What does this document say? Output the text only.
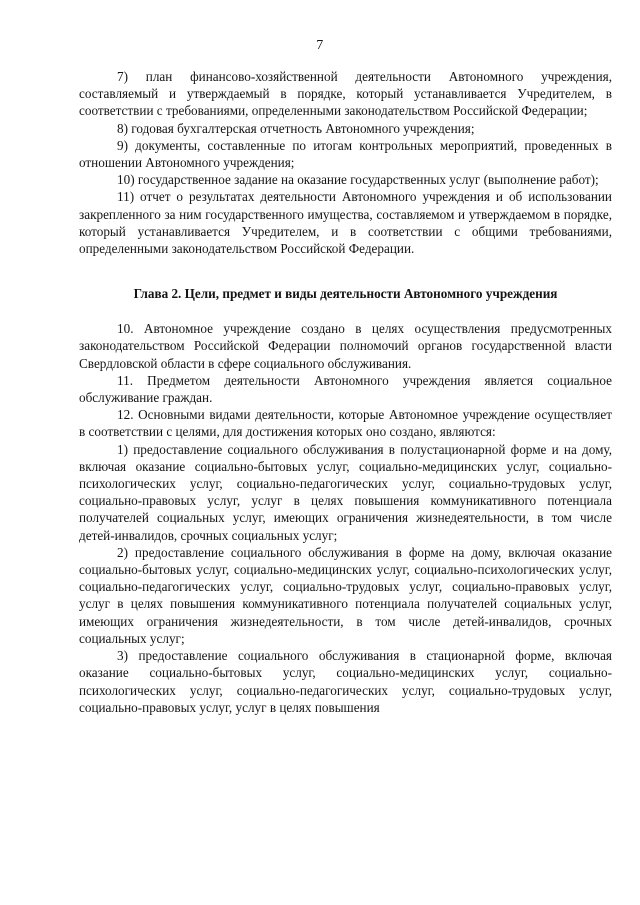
7

7) план финансово-хозяйственной деятельности Автономного учреждения, составляемый и утверждаемый в порядке, который устанавливается Учредителем, в соответствии с требованиями, определенными законодательством Российской Федерации;

8) годовая бухгалтерская отчетность Автономного учреждения;

9) документы, составленные по итогам контрольных мероприятий, проведенных в отношении Автономного учреждения;

10) государственное задание на оказание государственных услуг (выполнение работ);

11) отчет о результатах деятельности Автономного учреждения и об использовании закрепленного за ним государственного имущества, составляемом и утверждаемом в порядке, который устанавливается Учредителем, и в соответствии с общими требованиями, определенными законодательством Российской Федерации.

Глава 2. Цели, предмет и виды деятельности Автономного учреждения

10. Автономное учреждение создано в целях осуществления предусмотренных законодательством Российской Федерации полномочий органов государственной власти Свердловской области в сфере социального обслуживания.

11. Предметом деятельности Автономного учреждения является социальное обслуживание граждан.

12. Основными видами деятельности, которые Автономное учреждение осуществляет в соответствии с целями, для достижения которых оно создано, являются:

1) предоставление социального обслуживания в полустационарной форме и на дому, включая оказание социально-бытовых услуг, социально-медицинских услуг, социально-психологических услуг, социально-педагогических услуг, социально-трудовых услуг, социально-правовых услуг, услуг в целях повышения коммуникативного потенциала получателей социальных услуг, имеющих ограничения жизнедеятельности, в том числе детей-инвалидов, срочных социальных услуг;

2) предоставление социального обслуживания в форме на дому, включая оказание социально-бытовых услуг, социально-медицинских услуг, социально-психологических услуг, социально-педагогических услуг, социально-трудовых услуг, социально-правовых услуг, услуг в целях повышения коммуникативного потенциала получателей социальных услуг, имеющих ограничения жизнедеятельности, в том числе детей-инвалидов, срочных социальных услуг;

3) предоставление социального обслуживания в стационарной форме, включая оказание социально-бытовых услуг, социально-медицинских услуг, социально-психологических услуг, социально-педагогических услуг, социально-трудовых услуг, социально-правовых услуг, услуг в целях повышения
